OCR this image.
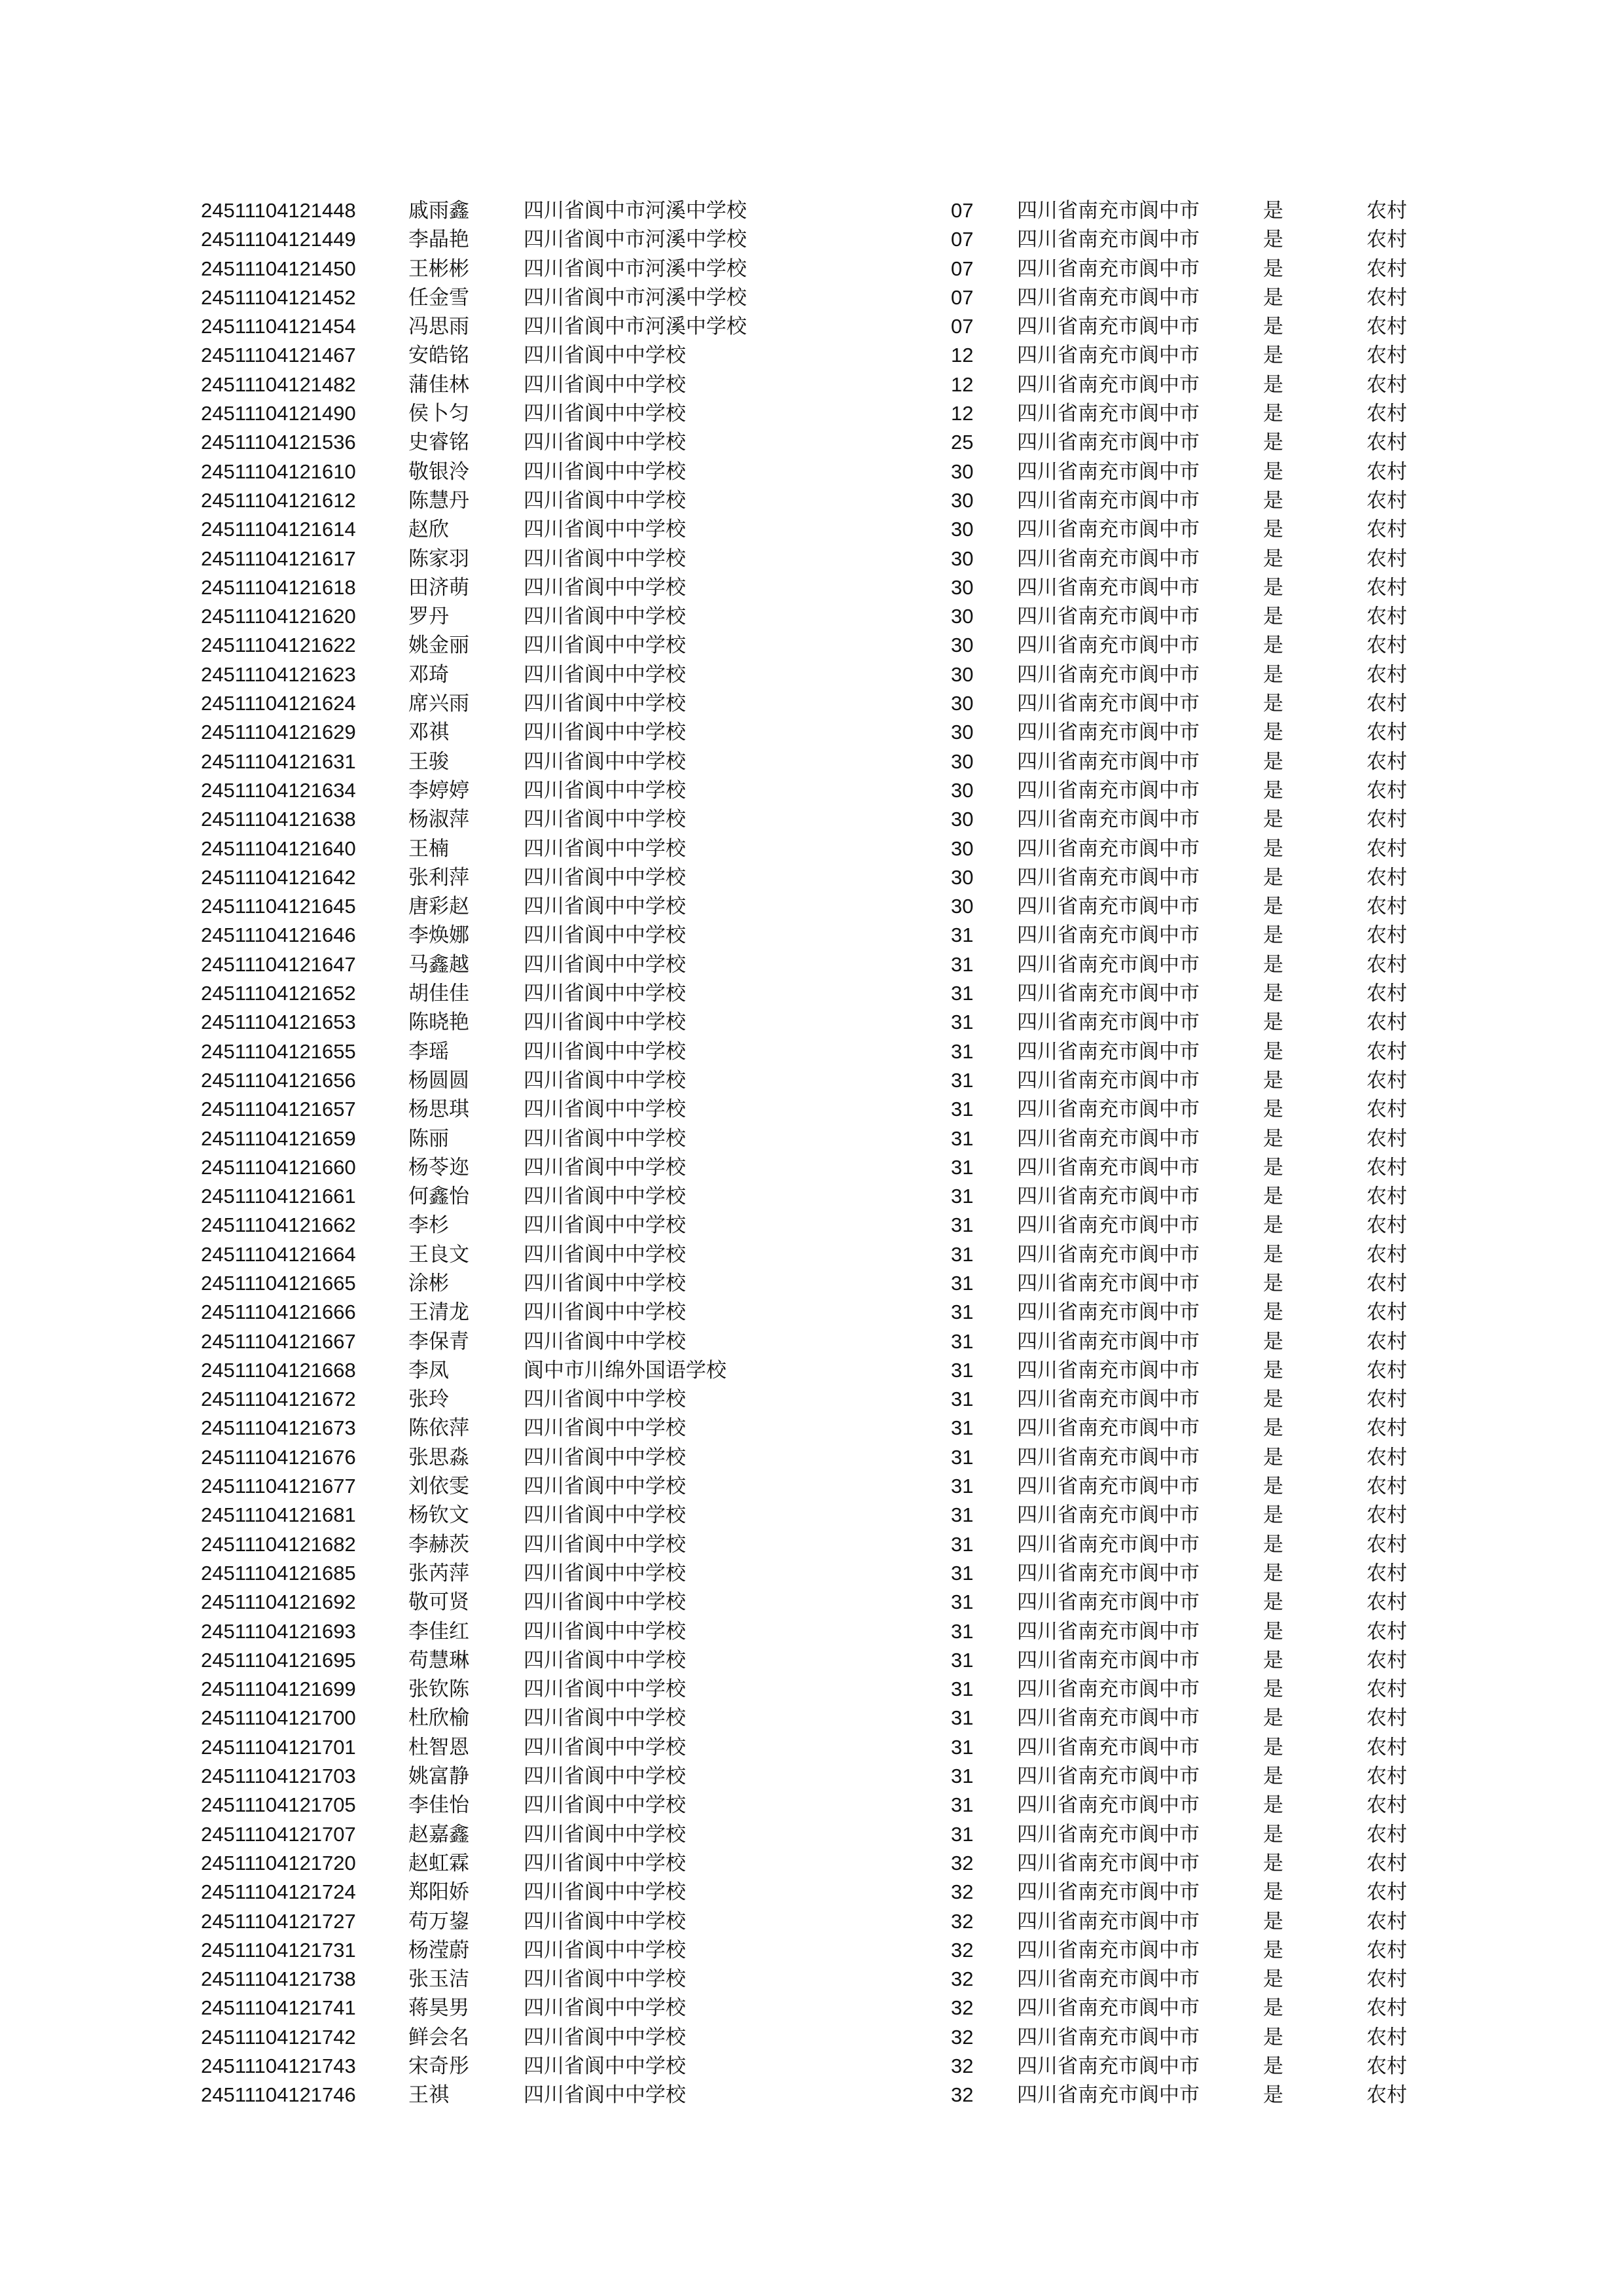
24511104121448	戚雨鑫	四川省阆中市河溪中学校	07 四川省南充市阆中市	是	农村
24511104121449	李晶艳	四川省阆中市河溪中学校	07 四川省南充市阆中市	是	农村
24511104121450	王彬彬	四川省阆中市河溪中学校	07 四川省南充市阆中市	是	农村
24511104121452	任金雪	四川省阆中市河溪中学校	07 四川省南充市阆中市	是	农村
24511104121454	冯思雨	四川省阆中市河溪中学校	07 四川省南充市阆中市	是	农村
24511104121467	安皓铭	四川省阆中中学校	12 四川省南充市阆中市	是	农村
24511104121482	蒲佳林	四川省阆中中学校	12 四川省南充市阆中市	是	农村
24511104121490	侯卜匀	四川省阆中中学校	12 四川省南充市阆中市	是	农村
24511104121536	史睿铭	四川省阆中中学校	25 四川省南充市阆中市	是	农村
24511104121610	敬银泠	四川省阆中中学校	30 四川省南充市阆中市	是	农村
24511104121612	陈慧丹	四川省阆中中学校	30 四川省南充市阆中市	是	农村
24511104121614	赵欣	四川省阆中中学校	30 四川省南充市阆中市	是	农村
24511104121617	陈家羽	四川省阆中中学校	30 四川省南充市阆中市	是	农村
24511104121618	田济萌	四川省阆中中学校	30 四川省南充市阆中市	是	农村
24511104121620	罗丹	四川省阆中中学校	30 四川省南充市阆中市	是	农村
24511104121622	姚金丽	四川省阆中中学校	30 四川省南充市阆中市	是	农村
24511104121623	邓琦	四川省阆中中学校	30 四川省南充市阆中市	是	农村
24511104121624	席兴雨	四川省阆中中学校	30 四川省南充市阆中市	是	农村
24511104121629	邓祺	四川省阆中中学校	30 四川省南充市阆中市	是	农村
24511104121631	王骏	四川省阆中中学校	30 四川省南充市阆中市	是	农村
24511104121634	李婷婷	四川省阆中中学校	30 四川省南充市阆中市	是	农村
24511104121638	杨淑萍	四川省阆中中学校	30 四川省南充市阆中市	是	农村
24511104121640	王楠	四川省阆中中学校	30 四川省南充市阆中市	是	农村
24511104121642	张利萍	四川省阆中中学校	30 四川省南充市阆中市	是	农村
24511104121645	唐彩赵	四川省阆中中学校	30 四川省南充市阆中市	是	农村
24511104121646	李焕娜	四川省阆中中学校	31 四川省南充市阆中市	是	农村
24511104121647	马鑫越	四川省阆中中学校	31 四川省南充市阆中市	是	农村
24511104121652	胡佳佳	四川省阆中中学校	31 四川省南充市阆中市	是	农村
24511104121653	陈晓艳	四川省阆中中学校	31 四川省南充市阆中市	是	农村
24511104121655	李瑶	四川省阆中中学校	31 四川省南充市阆中市	是	农村
24511104121656	杨圆圆	四川省阆中中学校	31 四川省南充市阆中市	是	农村
24511104121657	杨思琪	四川省阆中中学校	31 四川省南充市阆中市	是	农村
24511104121659	陈丽	四川省阆中中学校	31 四川省南充市阆中市	是	农村
24511104121660	杨苓迩	四川省阆中中学校	31 四川省南充市阆中市	是	农村
24511104121661	何鑫怡	四川省阆中中学校	31 四川省南充市阆中市	是	农村
24511104121662	李杉	四川省阆中中学校	31 四川省南充市阆中市	是	农村
24511104121664	王良文	四川省阆中中学校	31 四川省南充市阆中市	是	农村
24511104121665	涂彬	四川省阆中中学校	31 四川省南充市阆中市	是	农村
24511104121666	王清龙	四川省阆中中学校	31 四川省南充市阆中市	是	农村
24511104121667	李保青	四川省阆中中学校	31 四川省南充市阆中市	是	农村
24511104121668	李凤	阆中市川绵外国语学校	31 四川省南充市阆中市	是	农村
24511104121672	张玲	四川省阆中中学校	31 四川省南充市阆中市	是	农村
24511104121673	陈依萍	四川省阆中中学校	31 四川省南充市阆中市	是	农村
24511104121676	张思淼	四川省阆中中学校	31 四川省南充市阆中市	是	农村
24511104121677	刘依雯	四川省阆中中学校	31 四川省南充市阆中市	是	农村
24511104121681	杨钦文	四川省阆中中学校	31 四川省南充市阆中市	是	农村
24511104121682	李赫茨	四川省阆中中学校	31 四川省南充市阆中市	是	农村
24511104121685	张芮萍	四川省阆中中学校	31 四川省南充市阆中市	是	农村
24511104121692	敬可贤	四川省阆中中学校	31 四川省南充市阆中市	是	农村
24511104121693	李佳红	四川省阆中中学校	31 四川省南充市阆中市	是	农村
24511104121695	苟慧琳	四川省阆中中学校	31 四川省南充市阆中市	是	农村
24511104121699	张钦陈	四川省阆中中学校	31 四川省南充市阆中市	是	农村
24511104121700	杜欣榆	四川省阆中中学校	31 四川省南充市阆中市	是	农村
24511104121701	杜智恩	四川省阆中中学校	31 四川省南充市阆中市	是	农村
24511104121703	姚富静	四川省阆中中学校	31 四川省南充市阆中市	是	农村
24511104121705	李佳怡	四川省阆中中学校	31 四川省南充市阆中市	是	农村
24511104121707	赵嘉鑫	四川省阆中中学校	31 四川省南充市阆中市	是	农村
24511104121720	赵虹霖	四川省阆中中学校	32 四川省南充市阆中市	是	农村
24511104121724	郑阳娇	四川省阆中中学校	32 四川省南充市阆中市	是	农村
24511104121727	苟万鋆	四川省阆中中学校	32 四川省南充市阆中市	是	农村
24511104121731	杨滢蔚	四川省阆中中学校	32 四川省南充市阆中市	是	农村
24511104121738	张玉洁	四川省阆中中学校	32 四川省南充市阆中市	是	农村
24511104121741	蒋昊男	四川省阆中中学校	32 四川省南充市阆中市	是	农村
24511104121742	鲜会名	四川省阆中中学校	32 四川省南充市阆中市	是	农村
24511104121743	宋奇彤	四川省阆中中学校	32 四川省南充市阆中市	是	农村
24511104121746	王祺	四川省阆中中学校	32 四川省南充市阆中市	是	农村
